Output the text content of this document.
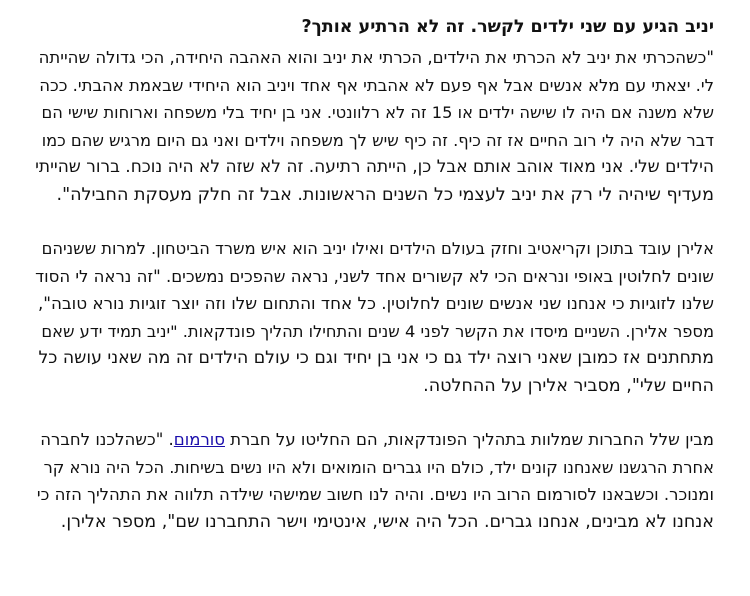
יניב הגיע עם שני ילדים לקשר. זה לא הרתיע אותך?

"כשהכרתי את יניב לא הכרתי את הילדים, הכרתי את יניב והוא האהבה היחידה, הכי גדולה שהייתה
לי. יצאתי עם מלא אנשים אבל אף פעם לא אהבתי אף אחד ויניב הוא היחידי שבאמת אהבתי. ככה
שלא משנה אם היה לו שישה ילדים או 15 זה לא רלוונטי. אני בן יחיד בלי משפחה וארוחות שישי הם
דבר שלא היה לי רוב החיים אז זה כיף. זה כיף שיש לך משפחה וילדים ואני גם היום מרגיש שהם כמו
הילדים שלי. אני מאוד אוהב אותם אבל כן, הייתה רתיעה. זה לא שזה לא היה נוכח. ברור שהייתי
מעדיף שיהיה לי רק את יניב לעצמי כל השנים הראשונות. אבל זה חלק מעסקת החבילה".

אלירן עובד בתוכן וקריאטיב וחזק בעולם הילדים ואילו יניב הוא איש משרד הביטחון. למרות ששניהם
שונים לחלוטין באופי ונראים הכי לא קשורים אחד לשני, נראה שהפכים נמשכים. "זה נראה לי הסוד
שלנו לזוגיות כי אנחנו שני אנשים שונים לחלוטין. כל אחד והתחום שלו וזה יוצר זוגיות נורא טובה",
מספר אלירן. השניים מיסדו את הקשר לפני 4 שנים והתחילו תהליך פונדקאות. "יניב תמיד ידע שאם
מתחתנים אז כמובן שאני רוצה ילד גם כי אני בן יחיד וגם כי עולם הילדים זה מה שאני עושה כל
החיים שלי", מסביר אלירן על ההחלטה.

מבין שלל החברות שמלוות בתהליך הפונדקאות, הם החליטו על חברת סורמום. "כשהלכנו לחברה
אחרת הרגשנו שאנחנו קונים ילד, כולם היו גברים הומואים ולא היו נשים בשיחות. הכל היה נורא קר
ומנוכר. וכשבאנו לסורמום הרוב היו נשים. והיה לנו חשוב שמישהי שילדה תלווה את התהליך הזה כי
אנחנו לא מבינים, אנחנו גברים. הכל היה אישי, אינטימי וישר התחברנו שם", מספר אלירן.
